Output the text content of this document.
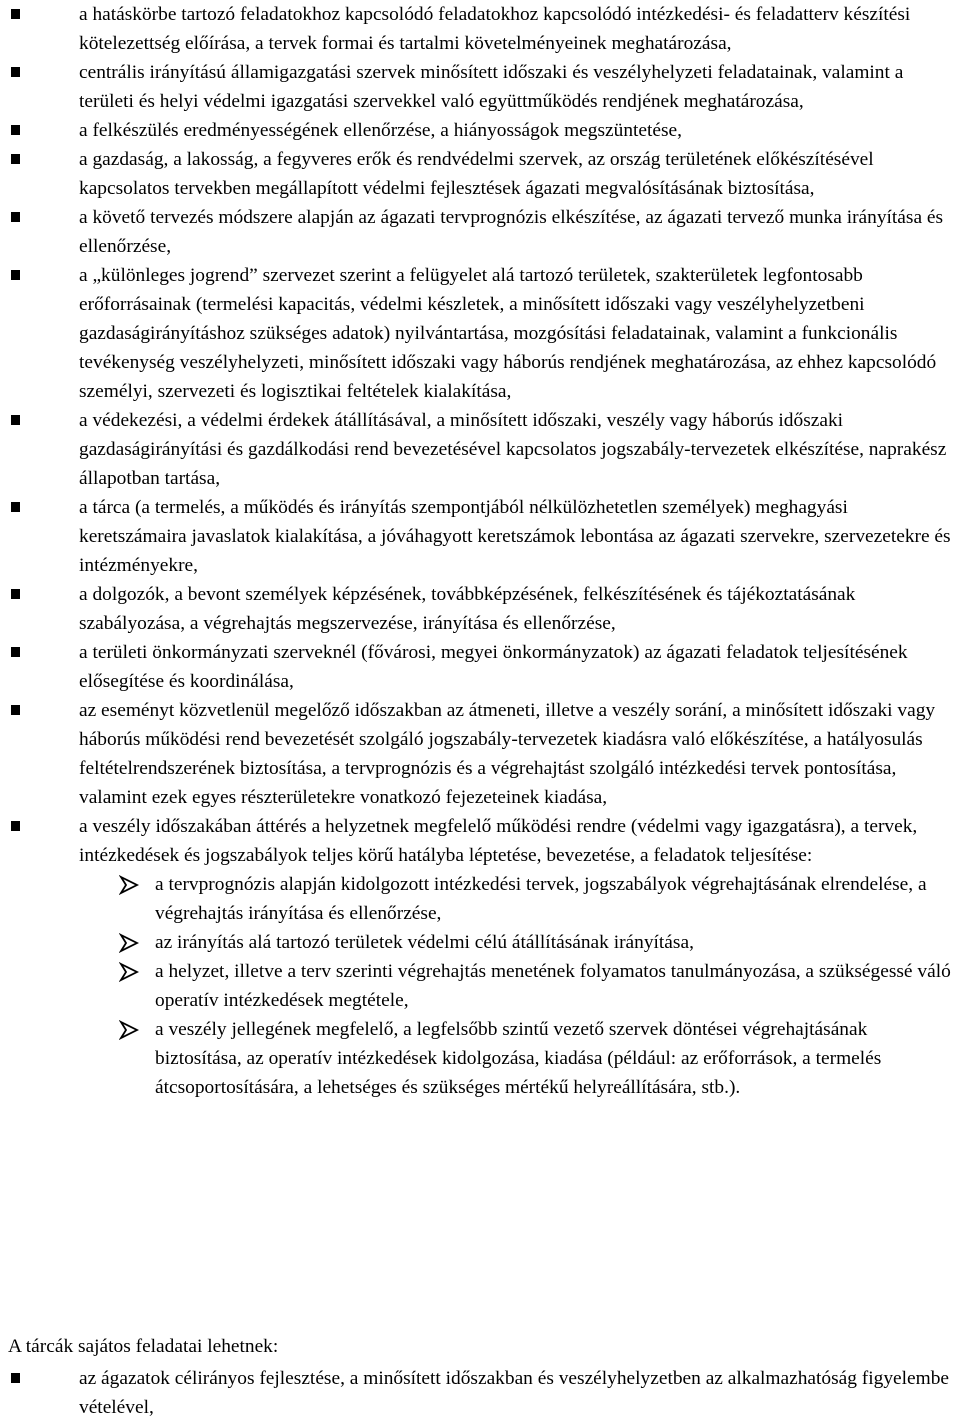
a hatáskörbe tartozó feladatokhoz kapcsolódó feladatokhoz kapcsolódó intézkedési- és feladatterv készítési kötelezettség előírása, a tervek formai és tartalmi követelményeinek meghatározása,
centrális irányítású államigazgatási szervek minősített időszaki és veszélyhelyzeti feladatainak, valamint a területi és helyi védelmi igazgatási szervekkel való együttműködés rendjének meghatározása,
a felkészülés eredményességének ellenőrzése, a hiányosságok megszüntetése,
a gazdaság, a lakosság, a fegyveres erők és rendvédelmi szervek, az ország területének előkészítésével kapcsolatos tervekben megállapított védelmi fejlesztések ágazati megvalósításának biztosítása,
a követő tervezés módszere alapján az ágazati tervprognózis elkészítése, az ágazati tervező munka irányítása és ellenőrzése,
a „különleges jogrend” szervezet szerint a felügyelet alá tartozó területek, szakterületek legfontosabb erőforrásainak (termelési kapacitás, védelmi készletek, a minősített időszaki vagy veszélyhelyzetbeni gazdaságirányításhoz szükséges adatok) nyilvántartása, mozgósítási feladatainak, valamint a funkcionális tevékenység veszélyhelyzeti, minősített időszaki vagy háborús rendjének meghatározása, az ehhez kapcsolódó személyi, szervezeti és logisztikai feltételek kialakítása,
a védekezési, a védelmi érdekek átállításával, a minősített időszaki, veszély vagy háborús időszaki gazdaságirányítási és gazdálkodási rend bevezetésével kapcsolatos jogszabály-tervezetek elkészítése, naprakész állapotban tartása,
a tárca (a termelés, a működés és irányítás szempontjából nélkülözhetetlen személyek) meghagyási keretszámaira javaslatok kialakítása, a jóváhagyott keretszámok lebontása az ágazati szervekre, szervezetekre és intézményekre,
a dolgozók, a bevont személyek képzésének, továbbképzésének, felkészítésének és tájékoztatásának szabályozása, a végrehajtás megszervezése, irányítása és ellenőrzése,
a területi önkormányzati szerveknél (fővárosi, megyei önkormányzatok) az ágazati feladatok teljesítésének elősegítése és koordinálása,
az eseményt közvetlenül megelőző időszakban az átmeneti, illetve a veszély sorání, a minősített időszaki vagy háborús működési rend bevezetését szolgáló jogszabály-tervezetek kiadásra való előkészítése, a hatályosulás feltételrendszerének biztosítása, a tervprognózis és a végrehajtást szolgáló intézkedési tervek pontosítása, valamint ezek egyes részterületekre vonatkozó fejezeteinek kiadása,
a veszély időszakában áttérés a helyzetnek megfelelő működési rendre (védelmi vagy igazgatásra), a tervek, intézkedések és jogszabályok teljes körű hatályba léptetése, bevezetése, a feladatok teljesítése:
a tervprognózis alapján kidolgozott intézkedési tervek, jogszabályok végrehajtásának elrendelése, a végrehajtás irányítása és ellenőrzése,
az irányítás alá tartozó területek védelmi célú átállításának irányítása,
a helyzet, illetve a terv szerinti végrehajtás menetének folyamatos tanulmányozása, a szükségessé váló operatív intézkedések megtétele,
a veszély jellegének megfelelő, a legfelsőbb szintű vezető szervek döntései végrehajtásának biztosítása, az operatív intézkedések kidolgozása, kiadása (például: az erőforrások, a termelés átcsoportosítására, a lehetséges és szükséges mértékű helyreállítására, stb.).
A tárcák sajátos feladatai lehetnek:
az ágazatok célirányos fejlesztése, a minősített időszakban és veszélyhelyzetben az alkalmazhatóság figyelembe vételével,
